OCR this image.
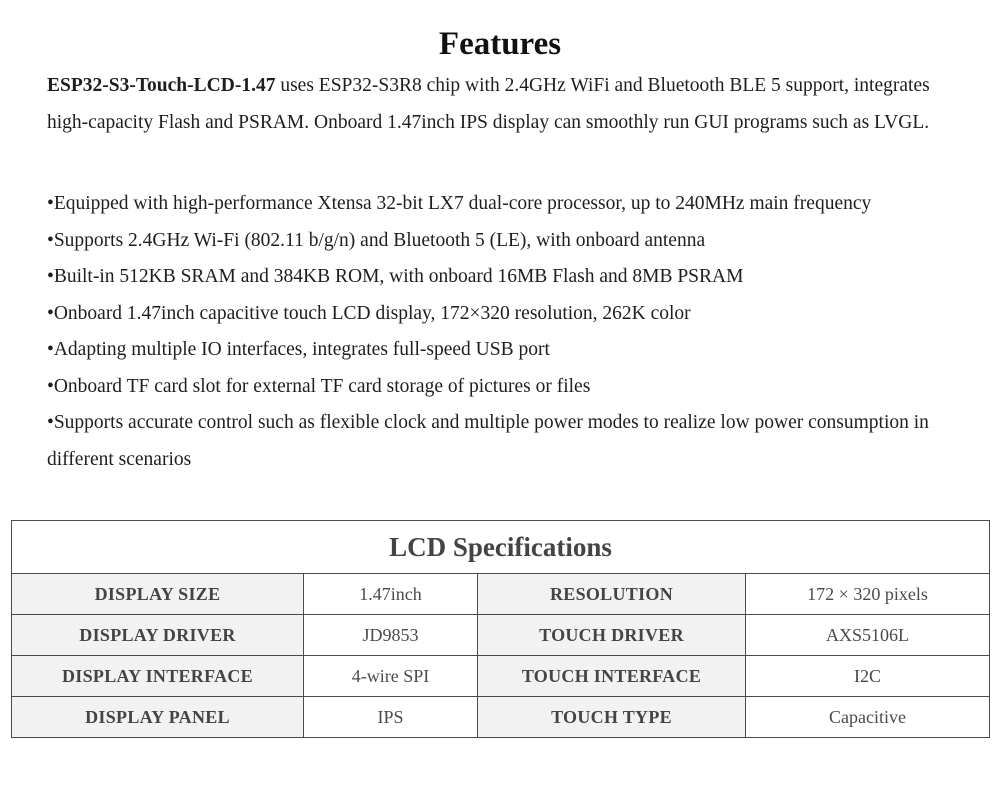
Features
ESP32-S3-Touch-LCD-1.47 uses ESP32-S3R8 chip with 2.4GHz WiFi and Bluetooth BLE 5 support, integrates high-capacity Flash and PSRAM. Onboard 1.47inch IPS display can smoothly run GUI programs such as LVGL.
•Equipped with high-performance Xtensa 32-bit LX7 dual-core processor, up to 240MHz main frequency
•Supports 2.4GHz Wi-Fi (802.11 b/g/n) and Bluetooth 5 (LE), with onboard antenna
•Built-in 512KB SRAM and 384KB ROM, with onboard 16MB Flash and 8MB PSRAM
•Onboard 1.47inch capacitive touch LCD display, 172×320 resolution, 262K color
•Adapting multiple IO interfaces, integrates full-speed USB port
•Onboard TF card slot for external TF card storage of pictures or files
•Supports accurate control such as flexible clock and multiple power modes to realize low power consumption in different scenarios
LCD Specifications			
DISPLAY SIZE	1.47inch	RESOLUTION	172 × 320 pixels
DISPLAY DRIVER	JD9853	TOUCH DRIVER	AXS5106L
DISPLAY INTERFACE	4-wire SPI	TOUCH INTERFACE	I2C
DISPLAY PANEL	IPS	TOUCH TYPE	Capacitive
